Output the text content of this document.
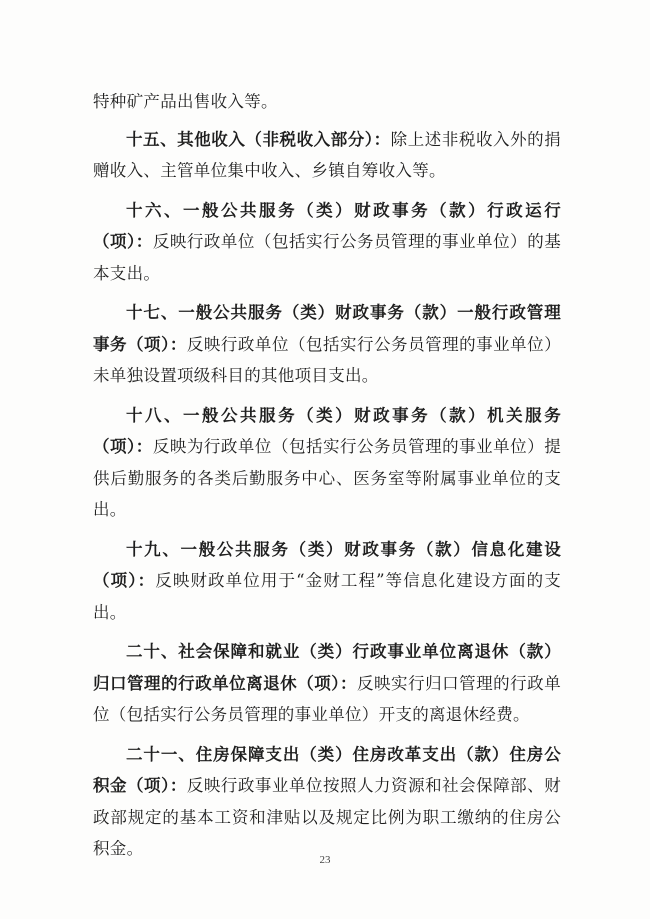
特种矿产品出售收入等。

十五、其他收入（非税收入部分）：除上述非税收入外的捐赠收入、主管单位集中收入、乡镇自筹收入等。

十六、一般公共服务（类）财政事务（款）行政运行（项）：反映行政单位（包括实行公务员管理的事业单位）的基本支出。

十七、一般公共服务（类）财政事务（款）一般行政管理事务（项）：反映行政单位（包括实行公务员管理的事业单位）未单独设置项级科目的其他项目支出。

十八、一般公共服务（类）财政事务（款）机关服务（项）：反映为行政单位（包括实行公务员管理的事业单位）提供后勤服务的各类后勤服务中心、医务室等附属事业单位的支出。

十九、一般公共服务（类）财政事务（款）信息化建设（项）：反映财政单位用于“金财工程”等信息化建设方面的支出。

二十、社会保障和就业（类）行政事业单位离退休（款）归口管理的行政单位离退休（项）：反映实行归口管理的行政单位（包括实行公务员管理的事业单位）开支的离退休经费。

二十一、住房保障支出（类）住房改革支出（款）住房公积金（项）：反映行政事业单位按照人力资源和社会保障部、财政部规定的基本工资和津贴以及规定比例为职工缴纳的住房公积金。

23
